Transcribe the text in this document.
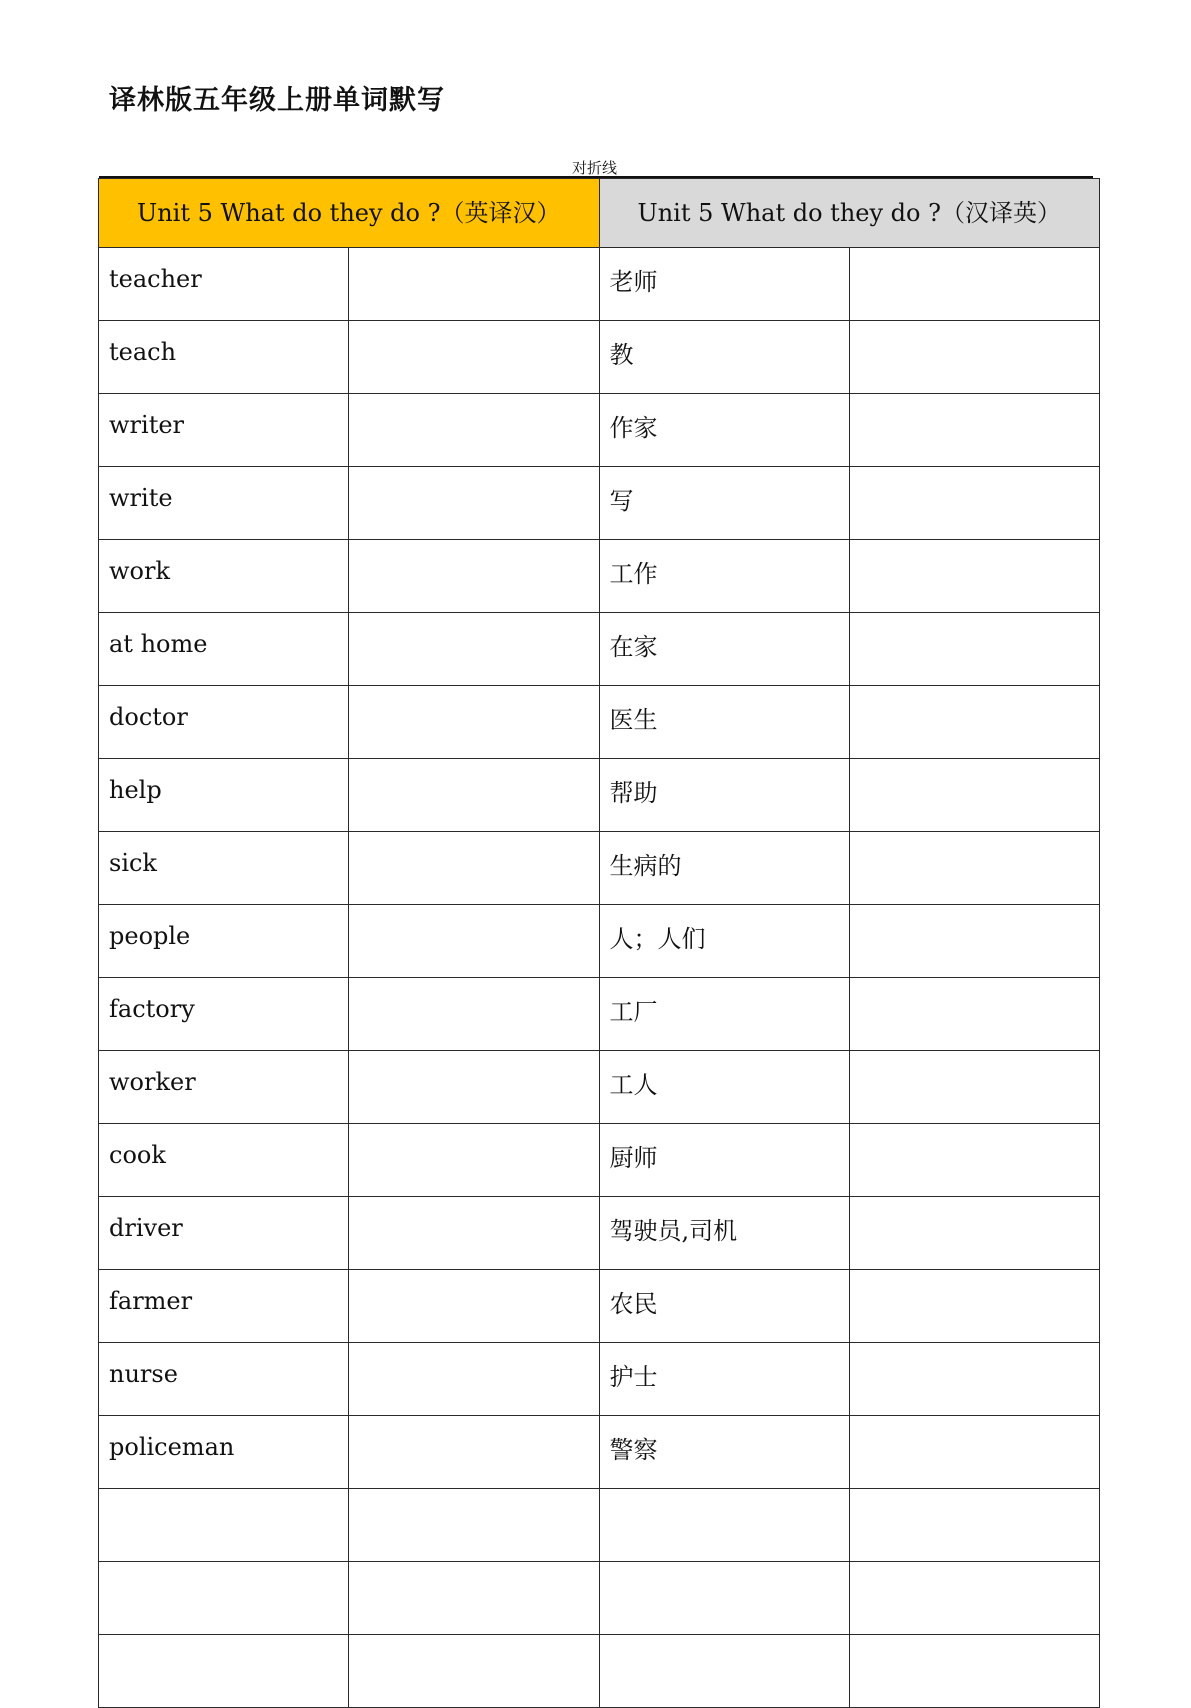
译林版五年级上册单词默写
对折线
Unit 5 What do they do ?（英译汉）		Unit 5 What do they do ?（汉译英）	
teacher		老师	
teach		教	
writer		作家	
write		写	
work		工作	
at home		在家	
doctor		医生	
help		帮助	
sick		生病的	
people		人；人们	
factory		工厂	
worker		工人	
cook		厨师	
driver		驾驶员,司机	
farmer		农民	
nurse		护士	
policeman		警察	
